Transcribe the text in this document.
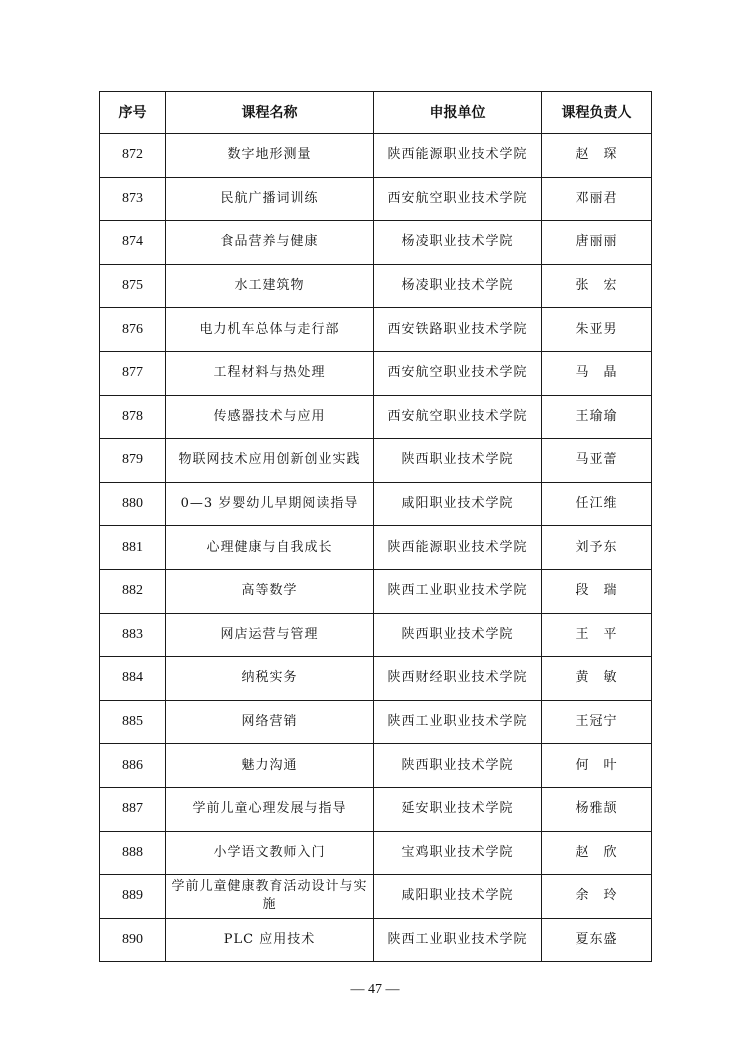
序号	课程名称	申报单位	课程负责人
872	数字地形测量	陕西能源职业技术学院	赵　琛
873	民航广播词训练	西安航空职业技术学院	邓丽君
874	食品营养与健康	杨凌职业技术学院	唐丽丽
875	水工建筑物	杨凌职业技术学院	张　宏
876	电力机车总体与走行部	西安铁路职业技术学院	朱亚男
877	工程材料与热处理	西安航空职业技术学院	马　晶
878	传感器技术与应用	西安航空职业技术学院	王瑜瑜
879	物联网技术应用创新创业实践	陕西职业技术学院	马亚蕾
880	0—3 岁婴幼儿早期阅读指导	咸阳职业技术学院	任江维
881	心理健康与自我成长	陕西能源职业技术学院	刘予东
882	高等数学	陕西工业职业技术学院	段　瑞
883	网店运营与管理	陕西职业技术学院	王　平
884	纳税实务	陕西财经职业技术学院	黄　敏
885	网络营销	陕西工业职业技术学院	王冠宁
886	魅力沟通	陕西职业技术学院	何　叶
887	学前儿童心理发展与指导	延安职业技术学院	杨雅颉
888	小学语文教师入门	宝鸡职业技术学院	赵　欣
889	学前儿童健康教育活动设计与实施	咸阳职业技术学院	余　玲
890	PLC 应用技术	陕西工业职业技术学院	夏东盛
— 47 —
